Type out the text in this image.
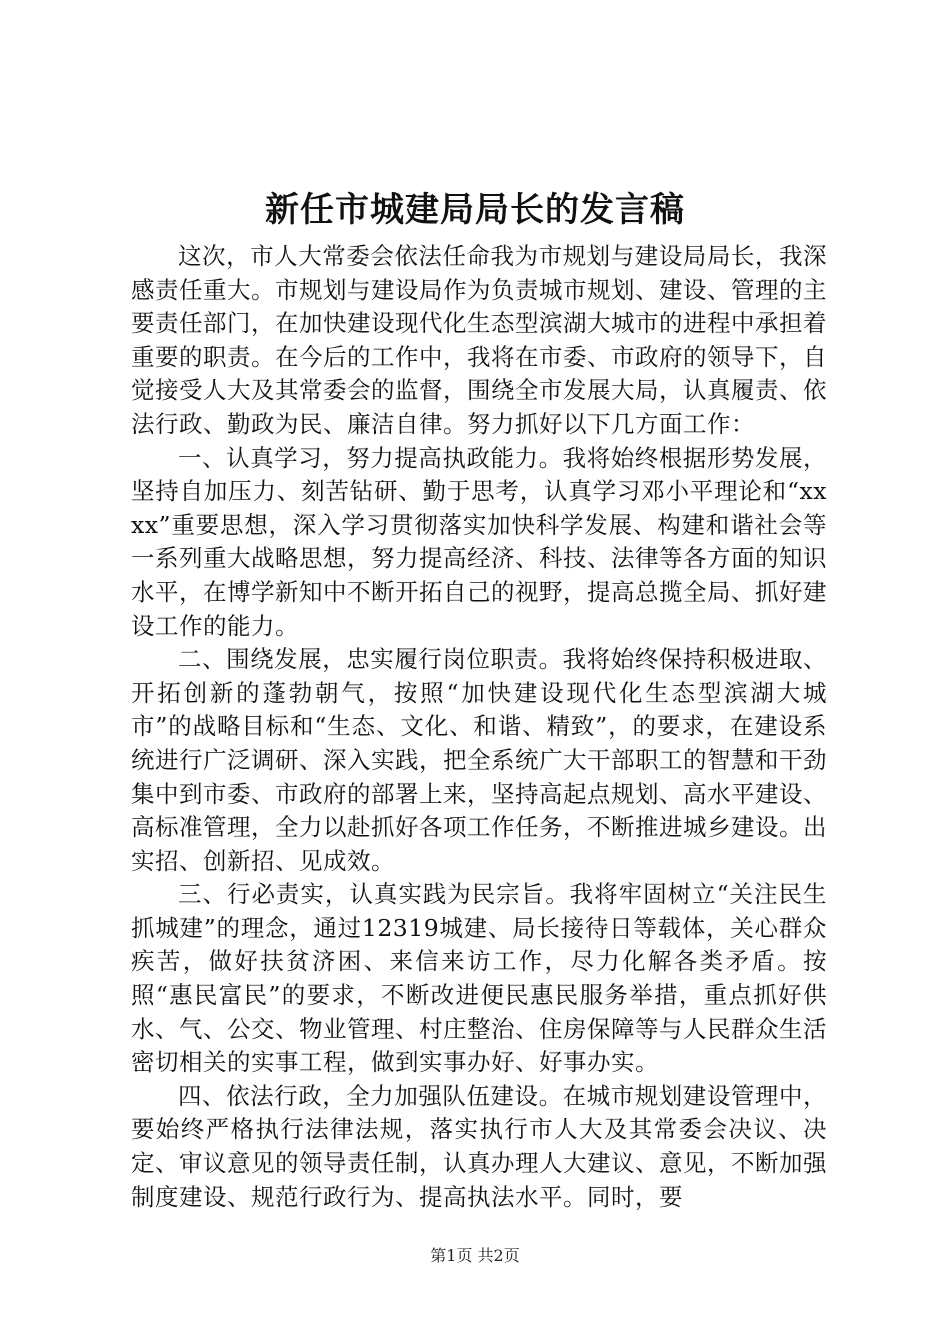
新任市城建局局长的发言稿

这次，市人大常委会依法任命我为市规划与建设局局长，我深感责任重大。市规划与建设局作为负责城市规划、建设、管理的主要责任部门，在加快建设现代化生态型滨湖大城市的进程中承担着重要的职责。在今后的工作中，我将在市委、市政府的领导下，自觉接受人大及其常委会的监督，围绕全市发展大局，认真履责、依法行政、勤政为民、廉洁自律。努力抓好以下几方面工作：

一、认真学习，努力提高执政能力。我将始终根据形势发展，坚持自加压力、刻苦钻研、勤于思考，认真学习邓小平理论和“xxxx”重要思想，深入学习贯彻落实加快科学发展、构建和谐社会等一系列重大战略思想，努力提高经济、科技、法律等各方面的知识水平，在博学新知中不断开拓自己的视野，提高总揽全局、抓好建设工作的能力。

二、围绕发展，忠实履行岗位职责。我将始终保持积极进取、开拓创新的蓬勃朝气，按照“加快建设现代化生态型滨湖大城市”的战略目标和“生态、文化、和谐、精致”，的要求，在建设系统进行广泛调研、深入实践，把全系统广大干部职工的智慧和干劲集中到市委、市政府的部署上来，坚持高起点规划、高水平建设、高标准管理，全力以赴抓好各项工作任务，不断推进城乡建设。出实招、创新招、见成效。

三、行必责实，认真实践为民宗旨。我将牢固树立“关注民生抓城建”的理念，通过12319城建、局长接待日等载体，关心群众疾苦，做好扶贫济困、来信来访工作，尽力化解各类矛盾。按照“惠民富民”的要求，不断改进便民惠民服务举措，重点抓好供水、气、公交、物业管理、村庄整治、住房保障等与人民群众生活密切相关的实事工程，做到实事办好、好事办实。

四、依法行政，全力加强队伍建设。在城市规划建设管理中，要始终严格执行法律法规，落实执行市人大及其常委会决议、决定、审议意见的领导责任制，认真办理人大建议、意见，不断加强制度建设、规范行政行为、提高执法水平。同时，要

第1页 共2页
